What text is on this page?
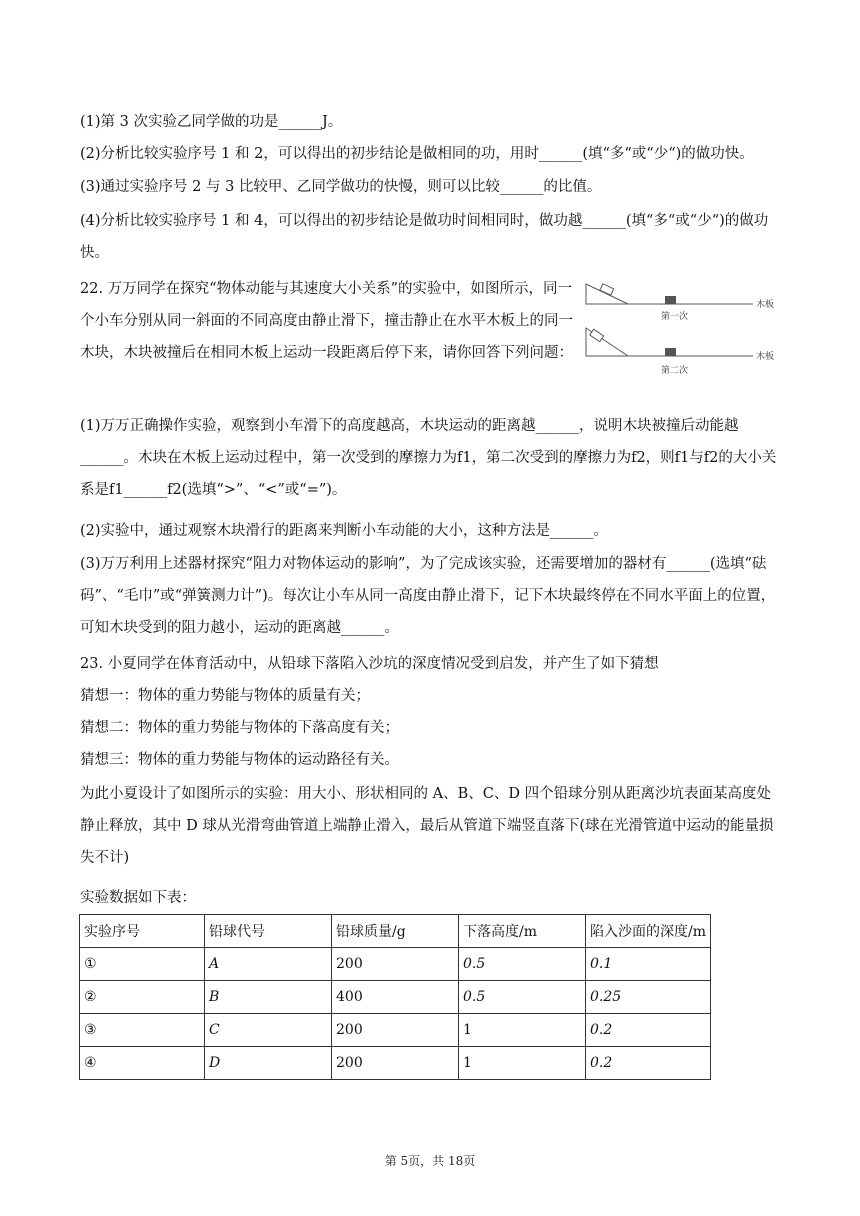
(1)第 3 次实验乙同学做的功是______J。
(2)分析比较实验序号 1 和 2，可以得出的初步结论是做相同的功，用时______(填“多“或“少“)的做功快。
(3)通过实验序号 2 与 3 比较甲、乙同学做功的快慢，则可以比较______的比值。
(4)分析比较实验序号 1 和 4，可以得出的初步结论是做功时间相同时，做功越______(填“多“或“少“)的做功快。
22. 万万同学在探究“物体动能与其速度大小关系”的实验中，如图所示，同一个小车分别从同一斜面的不同高度由静止滑下，撞击静止在水平木板上的同一木块，木块被撞后在相同木板上运动一段距离后停下来，请你回答下列问题：
木板
第一次
木板
第二次
(1)万万正确操作实验，观察到小车滑下的高度越高，木块运动的距离越______，说明木块被撞后动能越______。木块在木板上运动过程中，第一次受到的摩擦力为f1，第二次受到的摩擦力为f2，则f1与f2的大小关系是f1______f2(选填“>”、“<”或“=”)。
(2)实验中，通过观察木块滑行的距离来判断小车动能的大小，这种方法是______。
(3)万万利用上述器材探究“阻力对物体运动的影响”，为了完成该实验，还需要增加的器材有______(选填“砝码”、“毛巾”或“弹簧测力计”)。每次让小车从同一高度由静止滑下，记下木块最终停在不同水平面上的位置，可知木块受到的阻力越小，运动的距离越______。
23. 小夏同学在体育活动中，从铅球下落陷入沙坑的深度情况受到启发，并产生了如下猜想
猜想一：物体的重力势能与物体的质量有关；
猜想二：物体的重力势能与物体的下落高度有关；
猜想三：物体的重力势能与物体的运动路径有关。
为此小夏设计了如图所示的实验：用大小、形状相同的 A、B、C、D 四个铅球分别从距离沙坑表面某高度处静止释放，其中 D 球从光滑弯曲管道上端静止滑入，最后从管道下端竖直落下(球在光滑管道中运动的能量损失不计)
实验数据如下表：
实验序号	铅球代号	铅球质量/g	下落高度/m	陷入沙面的深度/m
①	A	200	0.5	0.1
②	B	400	0.5	0.25
③	C	200	1	0.2
④	D	200	1	0.2
第 5页，共 18页
